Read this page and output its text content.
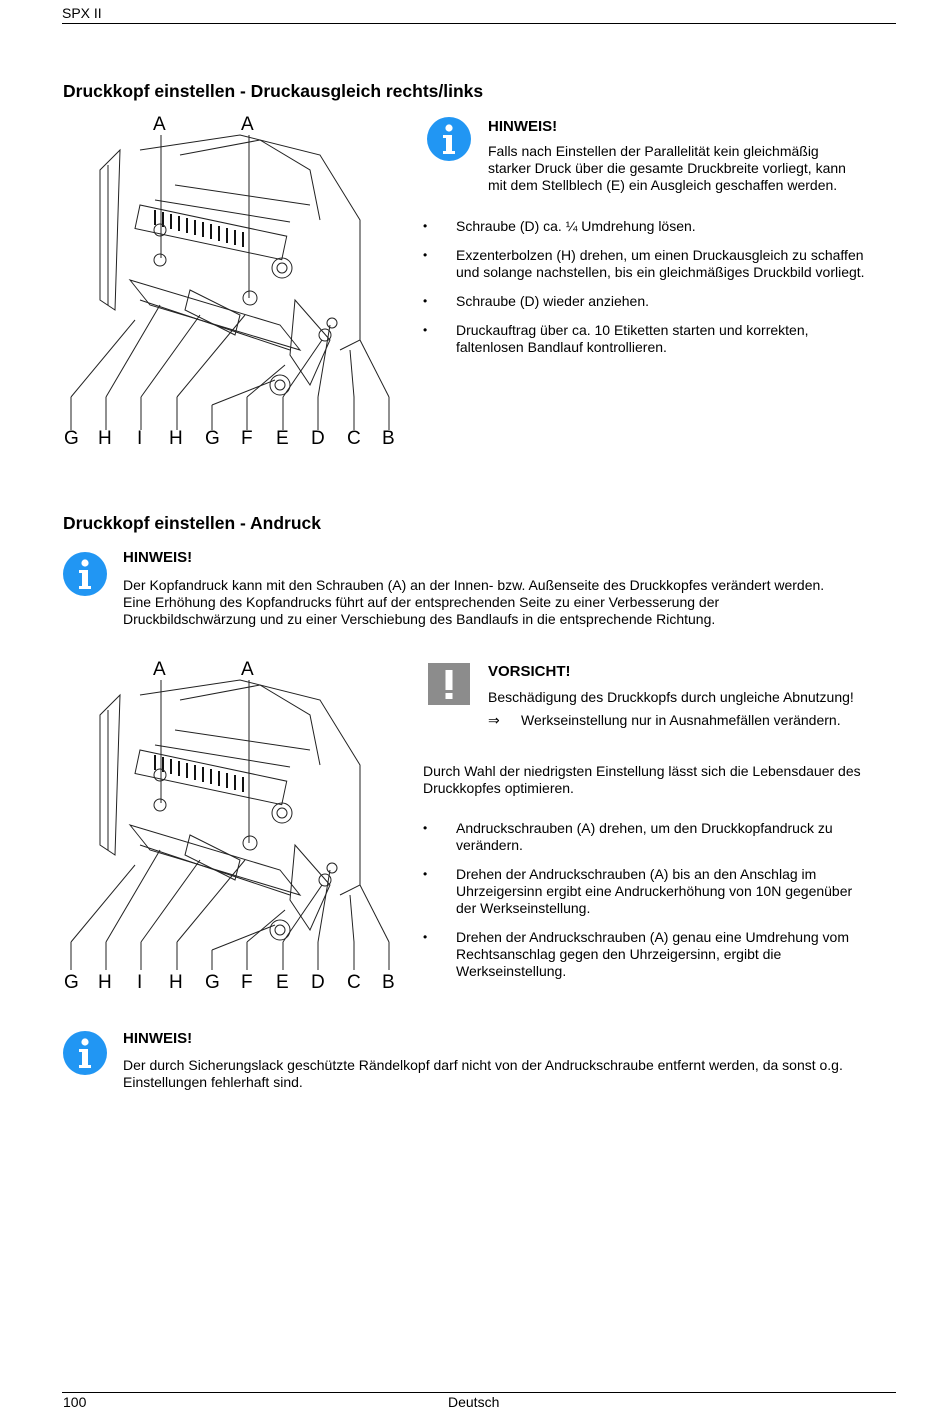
SPX II
Druckkopf einstellen - Druckausgleich rechts/links
A	A
G H I H G F E D C B
HINWEIS!
Falls nach Einstellen der Parallelität kein gleichmäßig
starker Druck über die gesamte Druckbreite vorliegt, kann
mit dem Stellblech (E) ein Ausgleich geschaffen werden.
• Schraube (D) ca. ¼ Umdrehung lösen.
• Exzenterbolzen (H) drehen, um einen Druckausgleich zu schaffen
und solange nachstellen, bis ein gleichmäßiges Druckbild vorliegt.
• Schraube (D) wieder anziehen.
• Druckauftrag über ca. 10 Etiketten starten und korrekten,
faltenlosen Bandlauf kontrollieren.
Druckkopf einstellen - Andruck
HINWEIS!
Der Kopfandruck kann mit den Schrauben (A) an der Innen- bzw. Außenseite des Druckkopfes verändert werden.
Eine Erhöhung des Kopfandrucks führt auf der entsprechenden Seite zu einer Verbesserung der
Druckbildschwärzung und zu einer Verschiebung des Bandlaufs in die entsprechende Richtung.
A	A
G H I H G F E D C B
VORSICHT!
Beschädigung des Druckkopfs durch ungleiche Abnutzung!
⇒ Werkseinstellung nur in Ausnahmefällen verändern.
Durch Wahl der niedrigsten Einstellung lässt sich die Lebensdauer des
Druckkopfes optimieren.
• Andruckschrauben (A) drehen, um den Druckkopfandruck zu
verändern.
• Drehen der Andruckschrauben (A) bis an den Anschlag im
Uhrzeigersinn ergibt eine Andruckerhöhung von 10N gegenüber
der Werkseinstellung.
• Drehen der Andruckschrauben (A) genau eine Umdrehung vom
Rechtsanschlag gegen den Uhrzeigersinn, ergibt die
Werkseinstellung.
HINWEIS!
Der durch Sicherungslack geschützte Rändelkopf darf nicht von der Andruckschraube entfernt werden, da sonst o.g.
Einstellungen fehlerhaft sind.
100	Deutsch
